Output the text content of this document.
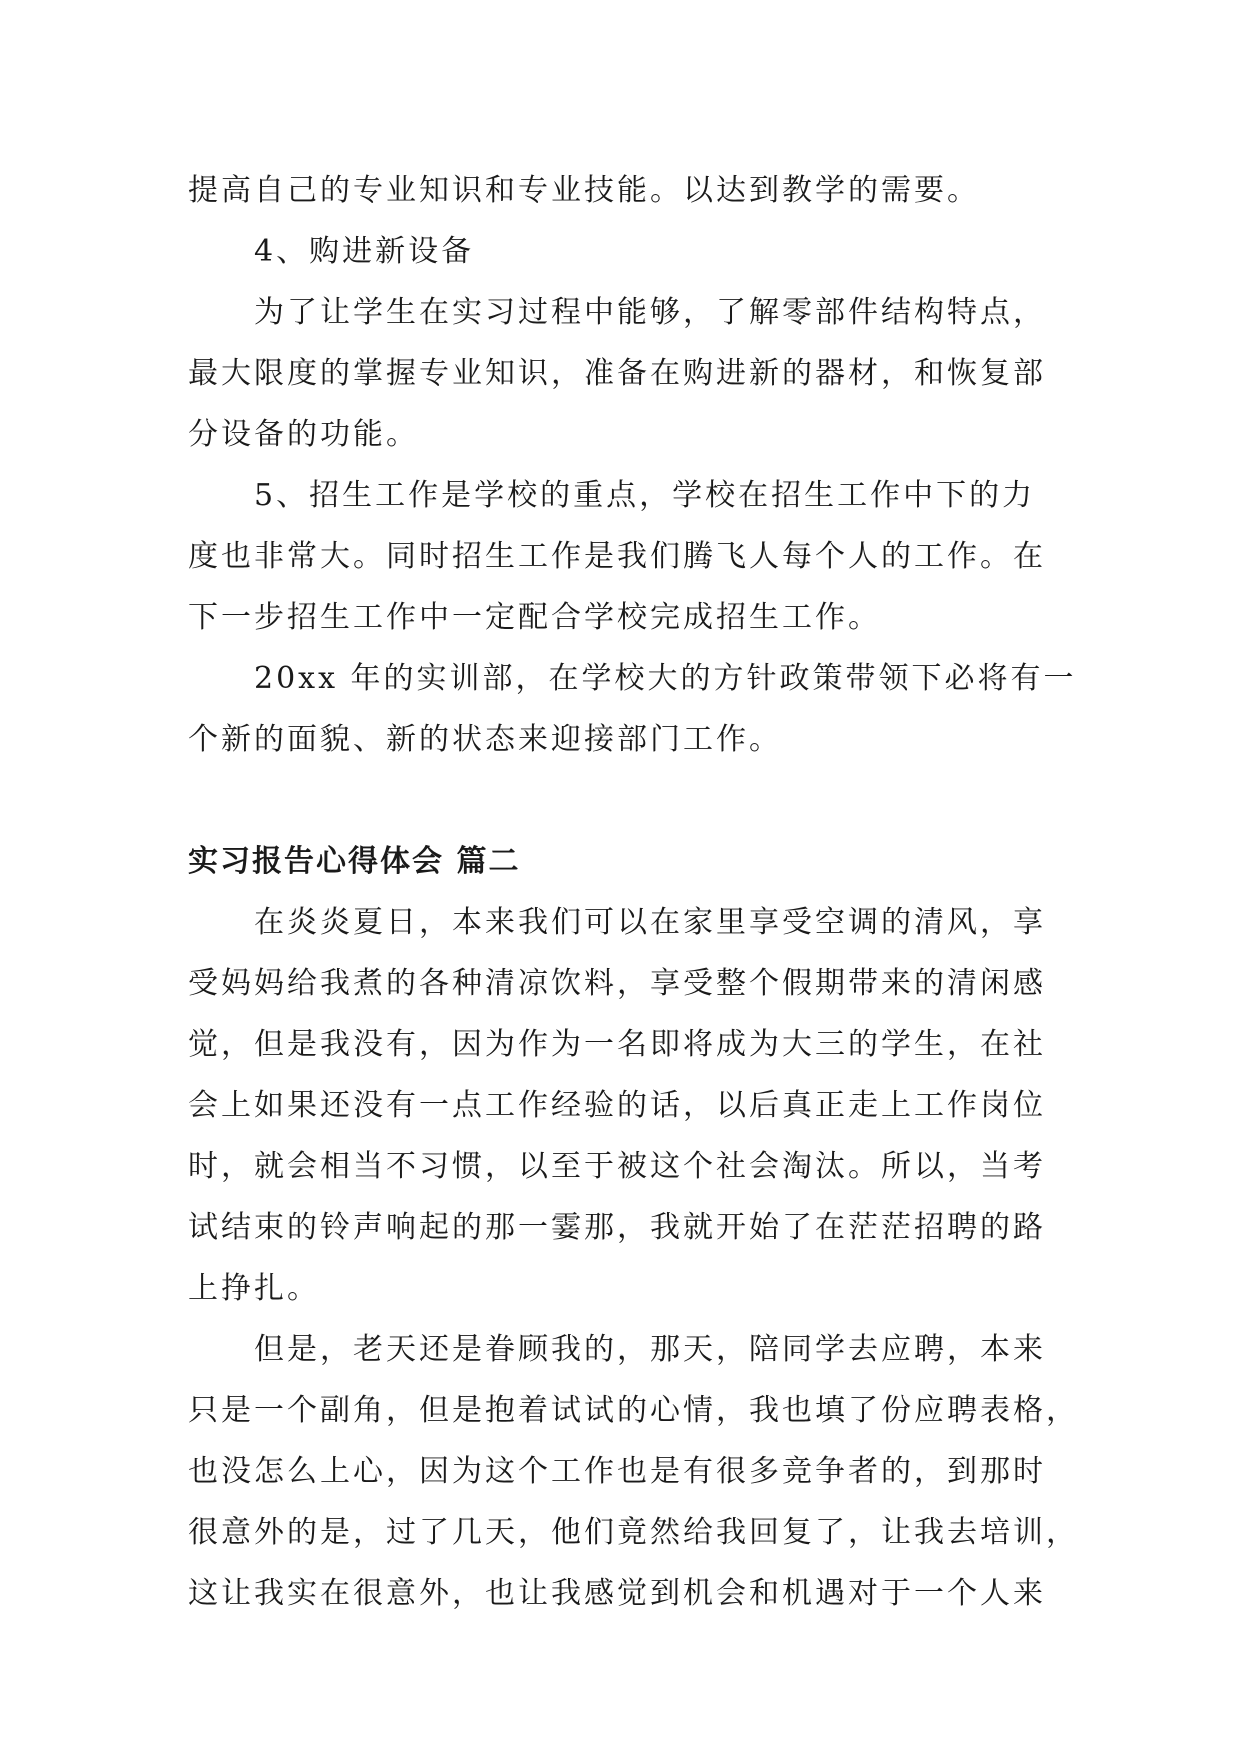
提高自己的专业知识和专业技能。以达到教学的需要。

4、购进新设备

为了让学生在实习过程中能够，了解零部件结构特点，
最大限度的掌握专业知识，准备在购进新的器材，和恢复部
分设备的功能。

5、招生工作是学校的重点，学校在招生工作中下的力
度也非常大。同时招生工作是我们腾飞人每个人的工作。在
下一步招生工作中一定配合学校完成招生工作。

20xx 年的实训部，在学校大的方针政策带领下必将有一
个新的面貌、新的状态来迎接部门工作。

实习报告心得体会 篇二

在炎炎夏日，本来我们可以在家里享受空调的清风，享
受妈妈给我煮的各种清凉饮料，享受整个假期带来的清闲感
觉，但是我没有，因为作为一名即将成为大三的学生，在社
会上如果还没有一点工作经验的话，以后真正走上工作岗位
时，就会相当不习惯，以至于被这个社会淘汰。所以，当考
试结束的铃声响起的那一霎那，我就开始了在茫茫招聘的路
上挣扎。

但是，老天还是眷顾我的，那天，陪同学去应聘，本来
只是一个副角，但是抱着试试的心情，我也填了份应聘表格，
也没怎么上心，因为这个工作也是有很多竞争者的，到那时
很意外的是，过了几天，他们竟然给我回复了，让我去培训，
这让我实在很意外，也让我感觉到机会和机遇对于一个人来
